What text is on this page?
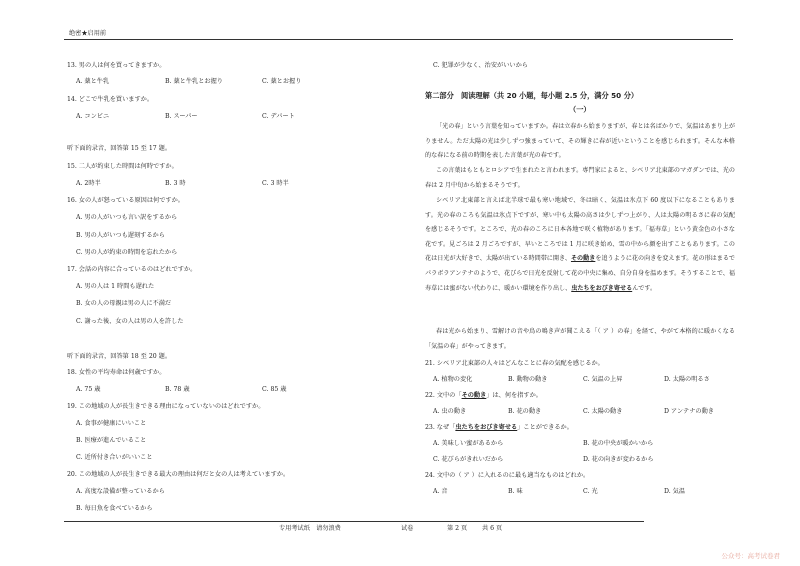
绝密★启用前
13. 男の人は何を買ってきますか。
A. 薬と牛乳	B. 薬と牛乳とお握り	C. 薬とお握り
14. どこで牛乳を買いますか。
A. コンビニ	B. スーパー	C. デパート
听下面的录音，回答第 15 至 17 题。
15. 二人が約束した時間は何時ですか。
A. 2時半	B. 3 時	C. 3 時半
16. 女の人が怒っている原因は何ですか。
A. 男の人がいつも言い訳をするから
B. 男の人がいつも遅刻するから
C. 男の人が約束の時間を忘れたから
17. 会話の内容に合っているのはどれですか。
A. 男の人は 1 時間も遅れた
B. 女の人の母親は男の人に不満だ
C. 謝った後、女の人は男の人を許した
听下面的录音，回答第 18 至 20 题。
18. 女性の平均寿命は何歳ですか。
A. 75 歳	B. 78 歳	C. 85 歳
19. この地域の人が長生きできる理由になっていないのはどれですか。
A. 食事が健康にいいこと
B. 医療が進んでいること
C. 近所付き合いがいいこと
20. この地域の人が長生きできる最大の理由は何だと女の人は考えていますか。
A. 高度な設備が整っているから
B. 毎日魚を食べているから
C. 犯罪が少なく、治安がいいから
第二部分　阅读理解（共 20 小题，每小题 2.5 分，满分 50 分）
（一）
「光の春」という言葉を知っていますか。春は立春から始まりますが、春とは名ばかりで、気温はあまり上がりません。ただ太陽の光は少しずつ強まっていて、その輝きに春が近いということを感じられます。そんな本格的な春になる前の時期を表した言葉が光の春です。
この言葉はもともとロシアで生まれたと言われます。専門家によると、シベリア北東部のマガダンでは、光の春は 2 月中旬から始まるそうです。
シベリア北東部と言えば北半球で最も寒い地域で、冬は暗く、気温は氷点下 60 度以下になることもあります。光の春のころも気温は氷点下ですが、寒い中も太陽の高さは少しずつ上がり、人は太陽の明るさに春の気配を感じるそうです。ところで、光の春のころに日本各地で咲く植物があります。「福寿草」という黄金色の小さな花です。見ごろは 2 月ごろですが、早いところでは 1 月に咲き始め、雪の中から顔を出すこともあります。この花は日光が大好きで、太陽が出ている時間帯に開き、その動きを追うように花の向きを変えます。花の形はまるでパラボラアンテナのようで、花びらで日光を反射して花の中央に集め、自分自身を温めます。そうすることで、福寿草には蜜がない代わりに、暖かい環境を作り出し、虫たちをおびき寄せるんです。
春は光から始まり、雪解けの音や鳥の鳴き声が聞こえる「（ ア ）の春」を経て、やがて本格的に暖かくなる「気温の春」がやってきます。
21. シベリア北東部の人々はどんなことに春の気配を感じるか。
A. 植物の変化	B. 動物の動き	C. 気温の上昇	D. 太陽の明るさ
22. 文中の「その動き」は、何を指すか。
A. 虫の動き	B. 花の動き	C. 太陽の動き	D アンテナの動き
23. なぜ「虫たちをおびき寄せる」ことができるか。
A. 美味しい蜜があるから	B. 花の中央が暖かいから
C. 花びらがきれいだから	D. 花の向きが変わるから
24. 文中の（ ア ）に入れるのに最も適当なものはどれか。
A. 音	B. 味	C. 光	D. 気温
专用考试纸　请勿浪费	试卷	第 2 页 共 6 页
公众号：高考试卷君
